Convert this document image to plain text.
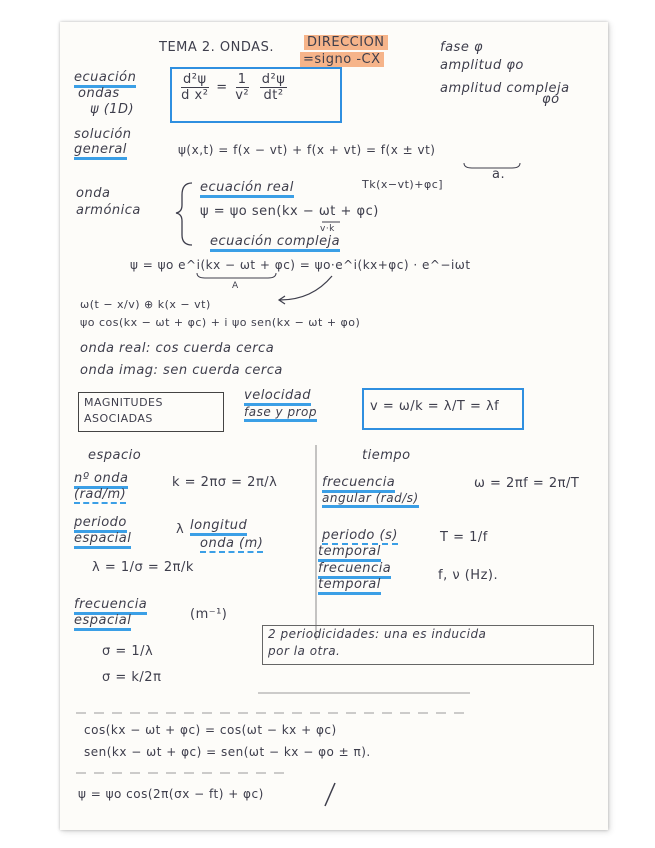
TEMA 2. ONDAS.	DIRECCION
=signo -CX
fase φ
amplitud φo
amplitud compleja
φo
ecuación
ondas
ψ (1D)
$\frac{\text{d²ψ}}{\text{d x²}} = \frac{1}{\text{v²}}$
$\frac{\text{d²ψ}}{\text{dt²}}$
solución
general	ψ(x,t) = f(x − vt) + f(x + vt) = f(x ± vt)
a.
onda
armónica
ecuación real	Tk(x−vt)+φc]
ψ = ψo sen(kx − ωt + φc)
v·k
ecuación compleja
ψ = ψo e^i(kx − ωt + φc) = ψo·e^i(kx+φc) · e^−iωt
A
ω(t − x/v) ⊕ k(x − vt)
ψo cos(kx − ωt + φc) + i ψo sen(kx − ωt + φo)
onda real: cos cuerda cerca
onda imag: sen cuerda cerca
MAGNITUDES
ASOCIADAS
velocidad
fase y prop	v = ω/k = λ/T = λf
espacio
nº onda
(rad/m)
k = 2πσ = 2π/λ
periodo
espacial
λ longitud
onda (m)
λ = 1/σ = 2π/k
frecuencia
espacial	(m⁻¹)
σ = 1/λ
σ = k/2π
tiempo
frecuencia
angular (rad/s)
ω = 2πf = 2π/T
periodo (s)
temporal
T = 1/f
frecuencia
temporal
f, ν (Hz).
2 periodicidades: una es inducida
por la otra.
cos(kx − ωt + φc) = cos(ωt − kx + φc)
sen(kx − ωt + φc) = sen(ωt − kx − φo ± π).
ψ = ψo cos(2π(σx − ft) + φc)
